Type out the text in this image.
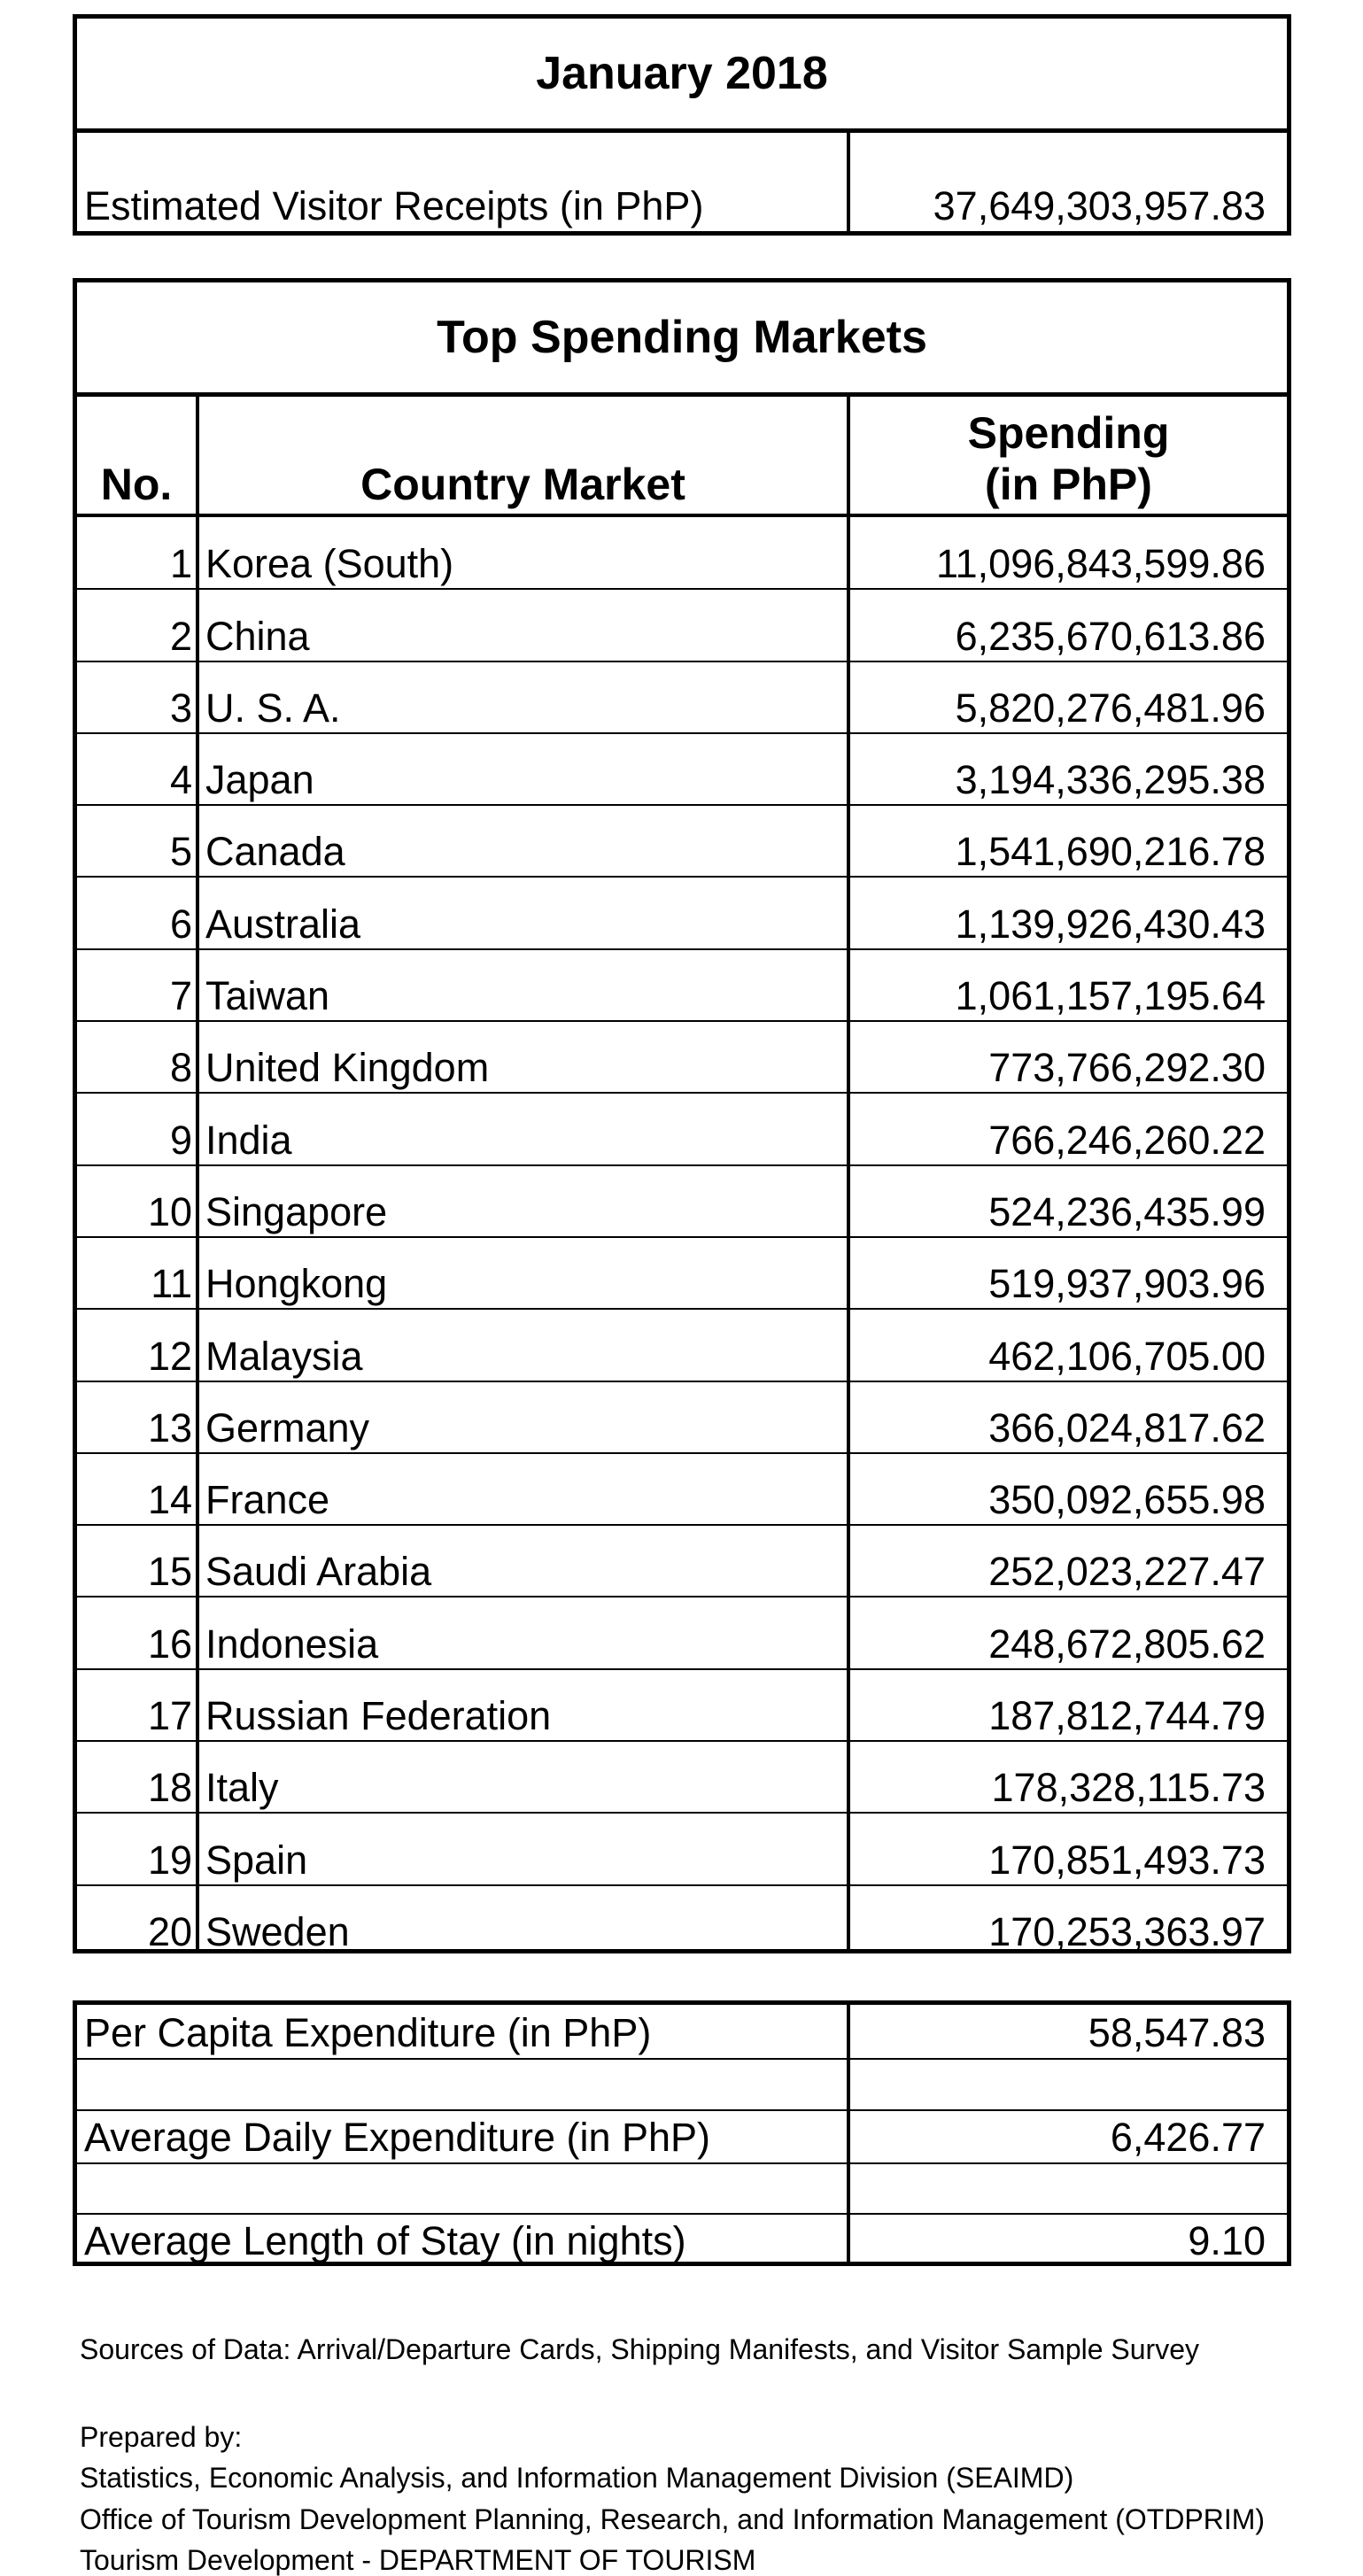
January 2018
Estimated Visitor Receipts (in PhP)	37,649,303,957.83
Top Spending Markets
No.	Country Market
Spending
(in PhP)
1 Korea (South)	11,096,843,599.86
2 China	6,235,670,613.86
3 U. S. A.	5,820,276,481.96
4 Japan	3,194,336,295.38
5 Canada	1,541,690,216.78
6 Australia	1,139,926,430.43
7 Taiwan	1,061,157,195.64
8 United Kingdom	773,766,292.30
9 India	766,246,260.22
10 Singapore	524,236,435.99
11 Hongkong	519,937,903.96
12 Malaysia	462,106,705.00
13 Germany	366,024,817.62
14 France	350,092,655.98
15 Saudi Arabia	252,023,227.47
16 Indonesia	248,672,805.62
17 Russian Federation	187,812,744.79
18 Italy	178,328,115.73
19 Spain	170,851,493.73
20 Sweden	170,253,363.97
Per Capita Expenditure (in PhP)	58,547.83
Average Daily Expenditure (in PhP)	6,426.77
Average Length of Stay (in nights)	9.10
Sources of Data: Arrival/Departure Cards, Shipping Manifests, and Visitor Sample Survey
Prepared by:
Statistics, Economic Analysis, and Information Management Division (SEAIMD)
Office of Tourism Development Planning, Research, and Information Management (OTDPRIM)
Tourism Development - DEPARTMENT OF TOURISM
